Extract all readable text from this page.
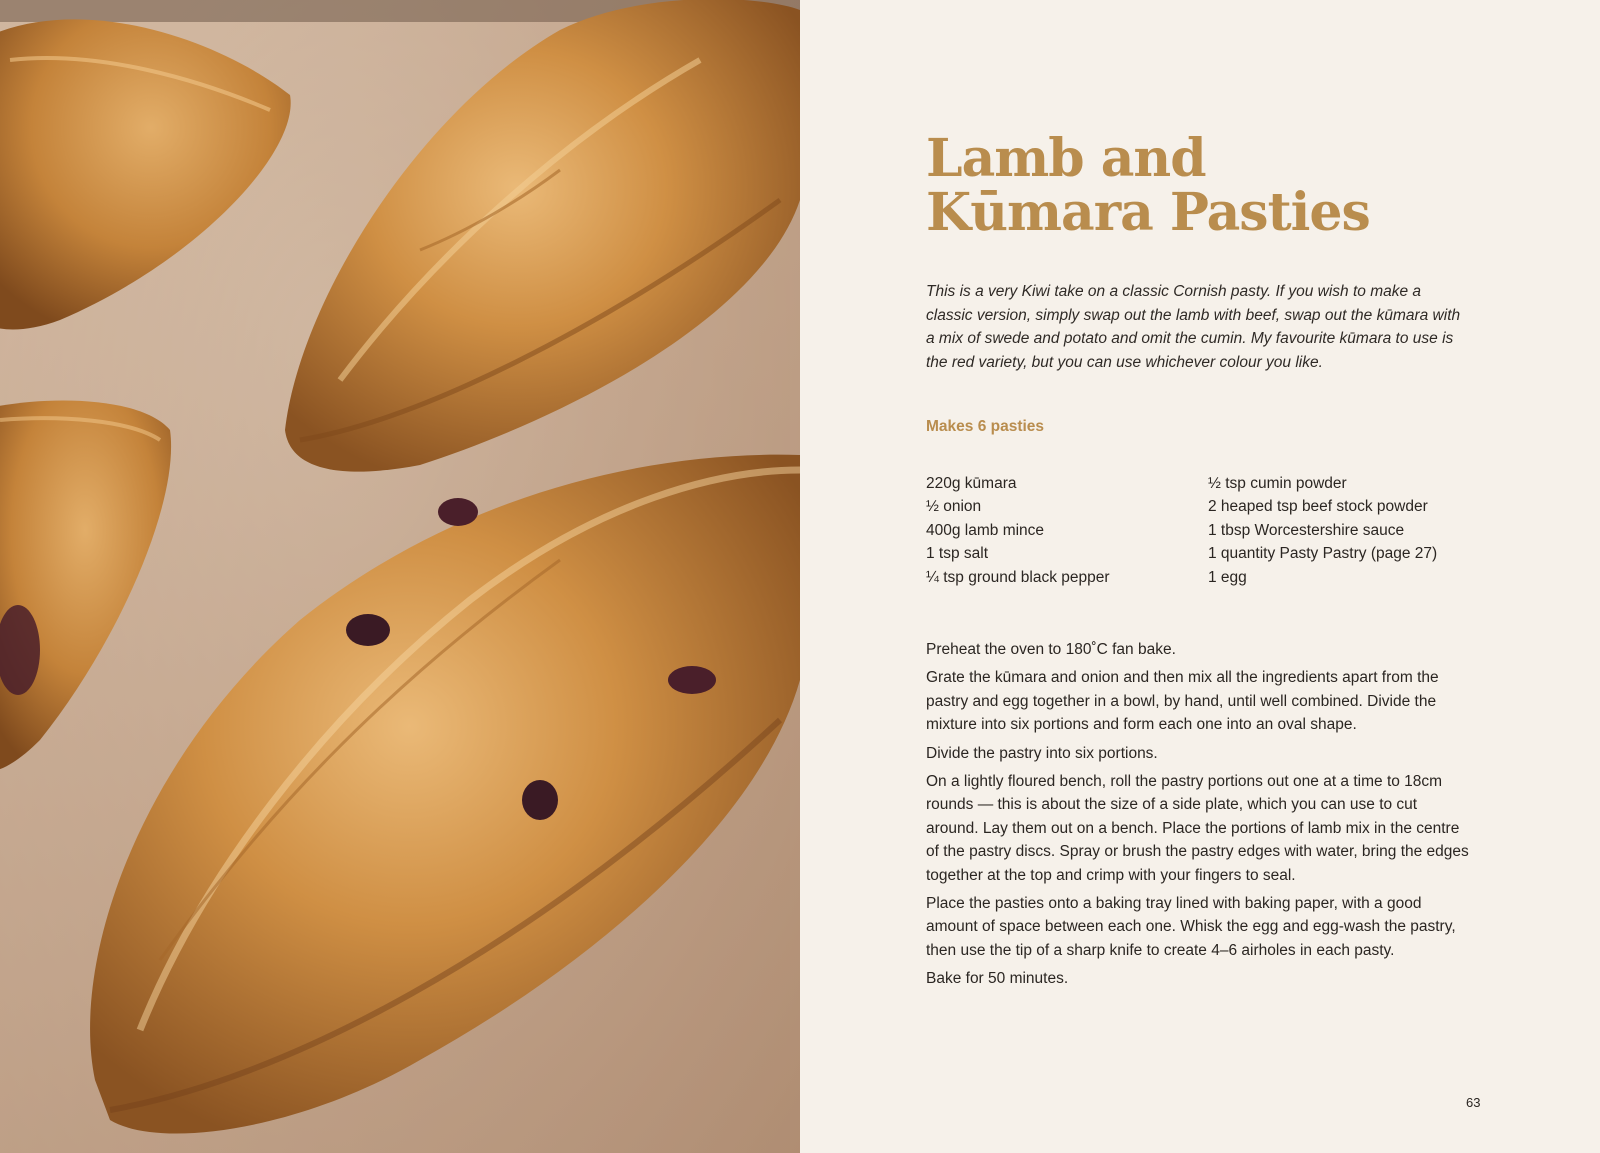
Lamb and
Kūmara Pasties

This is a very Kiwi take on a classic Cornish pasty. If you wish to make a classic version, simply swap out the lamb with beef, swap out the kūmara with a mix of swede and potato and omit the cumin. My favourite kūmara to use is the red variety, but you can use whichever colour you like.

Makes 6 pasties

220g kūmara
½ onion
400g lamb mince
1 tsp salt
¼ tsp ground black pepper
½ tsp cumin powder
2 heaped tsp beef stock powder
1 tbsp Worcestershire sauce
1 quantity Pasty Pastry (page 27)
1 egg

Preheat the oven to 180˚C fan bake.

Grate the kūmara and onion and then mix all the ingredients apart from the pastry and egg together in a bowl, by hand, until well combined. Divide the mixture into six portions and form each one into an oval shape.

Divide the pastry into six portions.

On a lightly floured bench, roll the pastry portions out one at a time to 18cm rounds — this is about the size of a side plate, which you can use to cut around. Lay them out on a bench. Place the portions of lamb mix in the centre of the pastry discs. Spray or brush the pastry edges with water, bring the edges together at the top and crimp with your fingers to seal.

Place the pasties onto a baking tray lined with baking paper, with a good amount of space between each one. Whisk the egg and egg-wash the pastry, then use the tip of a sharp knife to create 4–6 airholes in each pasty.

Bake for 50 minutes.

63
